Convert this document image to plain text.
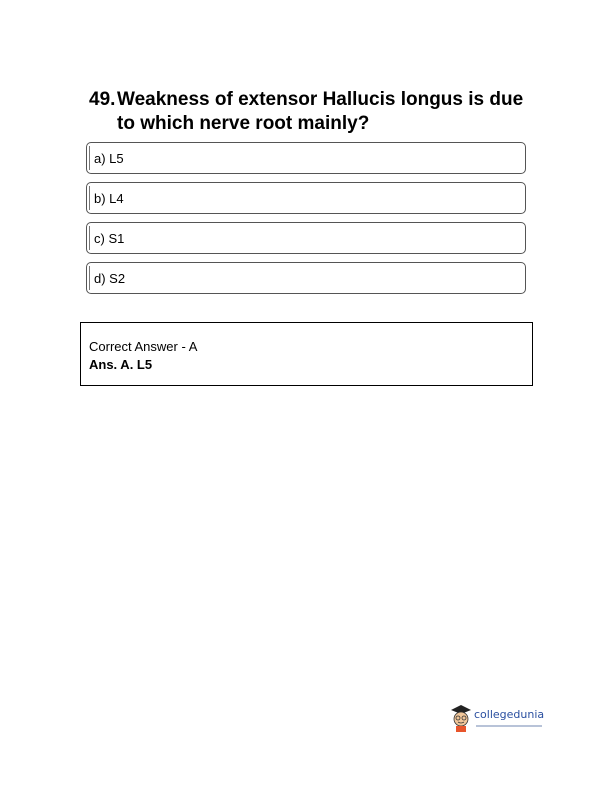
49. Weakness of extensor Hallucis longus is due to which nerve root mainly?
a) L5
b) L4
c) S1
d) S2
Correct Answer - A
Ans. A. L5
collegedunia
